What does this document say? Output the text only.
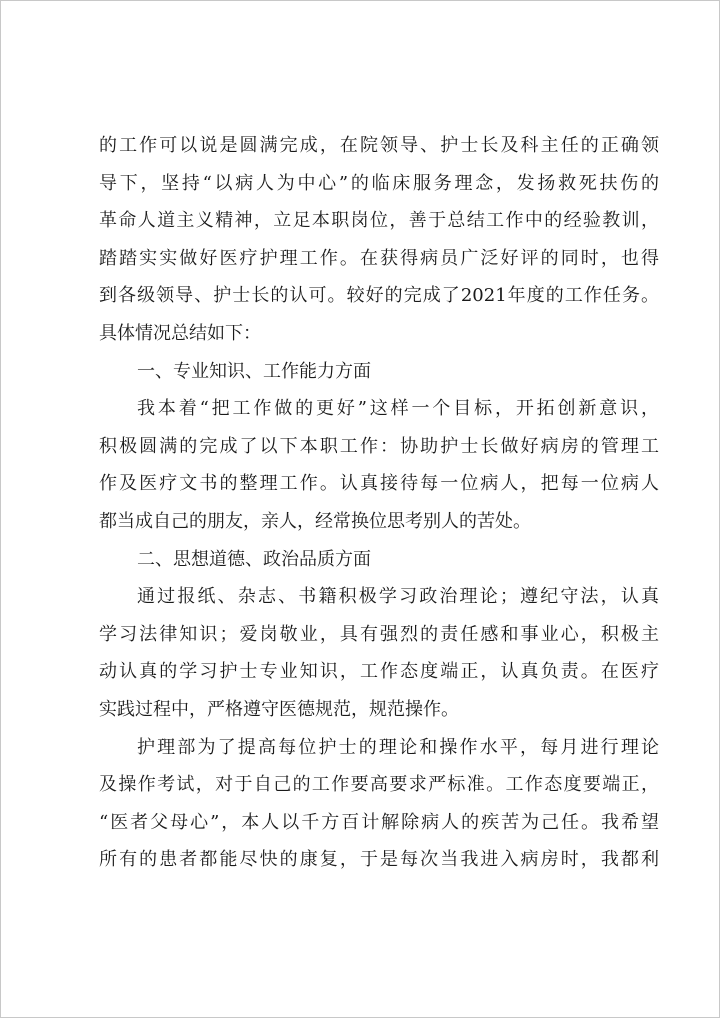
的工作可以说是圆满完成，在院领导、护士长及科主任的正确领
导下，坚持“以病人为中心”的临床服务理念，发扬救死扶伤的
革命人道主义精神，立足本职岗位，善于总结工作中的经验教训，
踏踏实实做好医疗护理工作。在获得病员广泛好评的同时，也得
到各级领导、护士长的认可。较好的完成了2021年度的工作任务。
具体情况总结如下：
一、专业知识、工作能力方面
我本着“把工作做的更好”这样一个目标，开拓创新意识，
积极圆满的完成了以下本职工作：协助护士长做好病房的管理工
作及医疗文书的整理工作。认真接待每一位病人，把每一位病人
都当成自己的朋友，亲人，经常换位思考别人的苦处。
二、思想道德、政治品质方面
通过报纸、杂志、书籍积极学习政治理论；遵纪守法，认真
学习法律知识；爱岗敬业，具有强烈的责任感和事业心，积极主
动认真的学习护士专业知识，工作态度端正，认真负责。在医疗
实践过程中，严格遵守医德规范，规范操作。
护理部为了提高每位护士的理论和操作水平，每月进行理论
及操作考试，对于自己的工作要高要求严标准。工作态度要端正，
“医者父母心”，本人以千方百计解除病人的疾苦为己任。我希望
所有的患者都能尽快的康复，于是每次当我进入病房时，我都利
